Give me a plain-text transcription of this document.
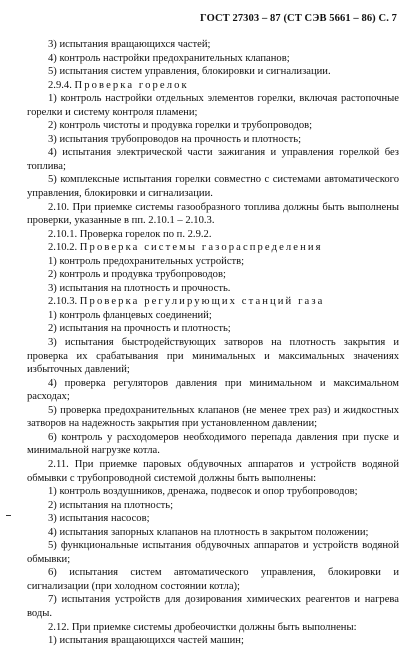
ГОСТ 27303 – 87 (СТ СЭВ 5661 – 86) С. 7

3) испытания вращающихся частей;

4) контроль настройки предохранительных клапанов;

5) испытания систем управления, блокировки и сигнализации.

2.9.4. Проверка горелок

1) контроль настройки отдельных элементов горелки, включая растопочные горелки и систему контроля пламени;

2) контроль чистоты и продувка горелки и трубопроводов;

3) испытания трубопроводов на прочность и плотность;

4) испытания электрической части зажигания и управления горелкой без топлива;

5) комплексные испытания горелки совместно с системами автоматического управления, блокировки и сигнализации.

2.10. При приемке системы газообразного топлива должны быть выполнены проверки, указанные в пп. 2.10.1 – 2.10.3.

2.10.1. Проверка горелок по п. 2.9.2.

2.10.2. Проверка системы газораспределения

1) контроль предохранительных устройств;

2) контроль и продувка трубопроводов;

3) испытания на плотность и прочность.

2.10.3. Проверка регулирующих станций газа

1) контроль фланцевых соединений;

2) испытания на прочность и плотность;

3) испытания быстродействующих затворов на плотность закрытия и проверка их срабатывания при минимальных и максимальных значениях избыточных давлений;

4) проверка регуляторов давления при минимальном и максимальном расходах;

5) проверка предохранительных клапанов (не менее трех раз) и жидкостных затворов на надежность закрытия при установленном давлении;

6) контроль у расходомеров необходимого перепада давления при пуске и минимальной нагрузке котла.

2.11. При приемке паровых обдувочных аппаратов и устройств водяной обмывки с трубопроводной системой должны быть выполнены:

1) контроль воздушников, дренажа, подвесок и опор трубопроводов;

2) испытания на плотность;

3) испытания насосов;

4) испытания запорных клапанов на плотность в закрытом положении;

5) функциональные испытания обдувочных аппаратов и устройств водяной обмывки;

6) испытания систем автоматического управления, блокировки и сигнализации (при холодном состоянии котла);

7) испытания устройств для дозирования химических реагентов и нагрева воды.

2.12. При приемке системы дробеочистки должны быть выполнены:

1) испытания вращающихся частей машин;
